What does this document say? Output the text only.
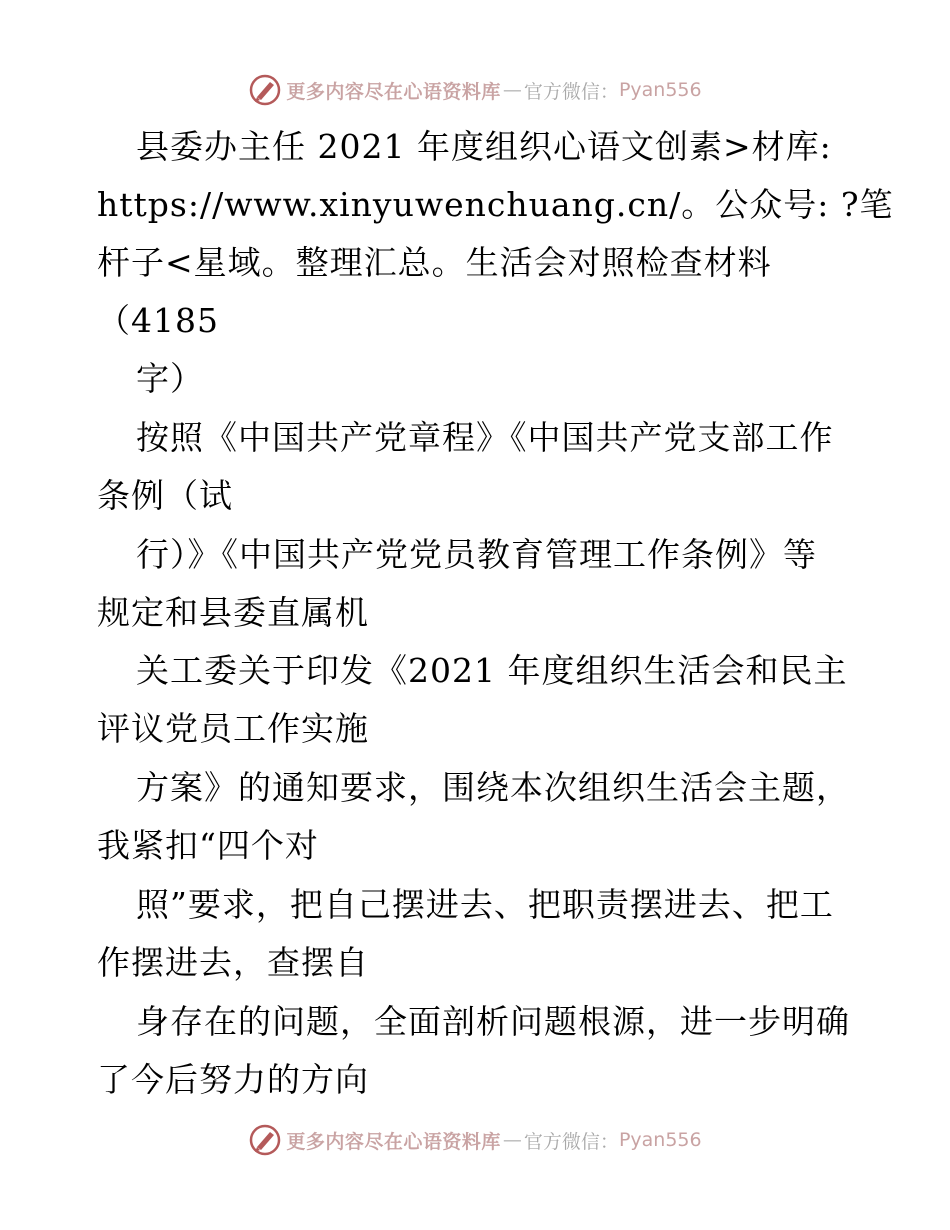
更多内容尽在心语资料库 — 官方微信： Pyan556
县委办主任 2021 年度组织心语文创素>材库:
https://www.xinyuwenchuang.cn/。公众号: ?笔
杆子<星域。整理汇总。生活会对照检查材料
（4185
字）
按照《中国共产党章程》《中国共产党支部工作
条例（试
行）》《中国共产党党员教育管理工作条例》等
规定和县委直属机
关工委关于印发《2021 年度组织生活会和民主
评议党员工作实施
方案》的通知要求，围绕本次组织生活会主题，
我紧扣“四个对
照”要求，把自己摆进去、把职责摆进去、把工
作摆进去，查摆自
身存在的问题，全面剖析问题根源，进一步明确
了今后努力的方向
更多内容尽在心语资料库 — 官方微信： Pyan556
